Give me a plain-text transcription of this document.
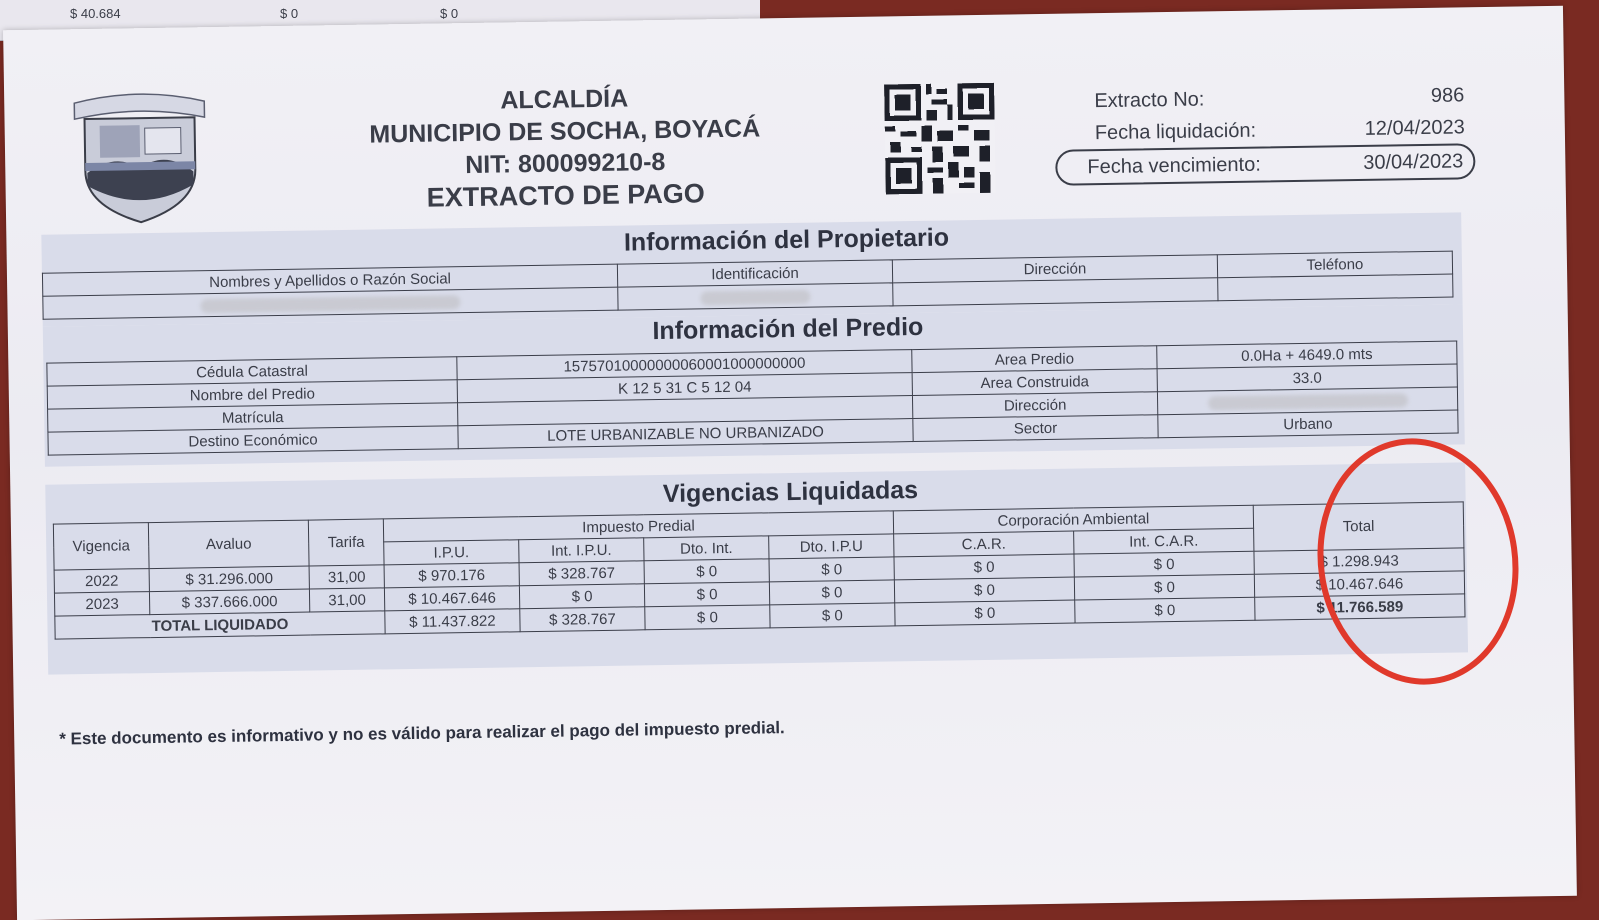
$ 40.684	$ 0	$ 0
ALCALDÍA
MUNICIPIO DE SOCHA, BOYACÁ
NIT: 800099210-8
EXTRACTO DE PAGO
Extracto No:	986
Fecha liquidación:	12/04/2023
Fecha vencimiento:	30/04/2023
Información del Propietario
Nombres y Apellidos o Razón Social	Identificación	Dirección	Teléfono

Información del Predio
Cédula Catastral	15757010000000060001000000000	Area Predio	0.0Ha + 4649.0 mts
Nombre del Predio	K 12 5 31 C 5 12 04	Area Construida	33.0
Matrícula		Dirección	
Destino Económico	LOTE URBANIZABLE NO URBANIZADO	Sector	Urbano
Vigencias Liquidadas
Vigencia	Avaluo	Tarifa	Impuesto Predial				Corporación Ambiental		Total
			I.P.U.	Int. I.P.U.	Dto. Int.	Dto. I.P.U	C.A.R.	Int. C.A.R.	
2022	$ 31.296.000	31,00	$ 970.176	$ 328.767	$ 0	$ 0	$ 0	$ 0	$ 1.298.943
2023	$ 337.666.000	31,00	$ 10.467.646	$ 0	$ 0	$ 0	$ 0	$ 0	$ 10.467.646
TOTAL LIQUIDADO			$ 11.437.822	$ 328.767	$ 0	$ 0	$ 0	$ 0	$ 11.766.589
* Este documento es informativo y no es válido para realizar el pago del impuesto predial.
